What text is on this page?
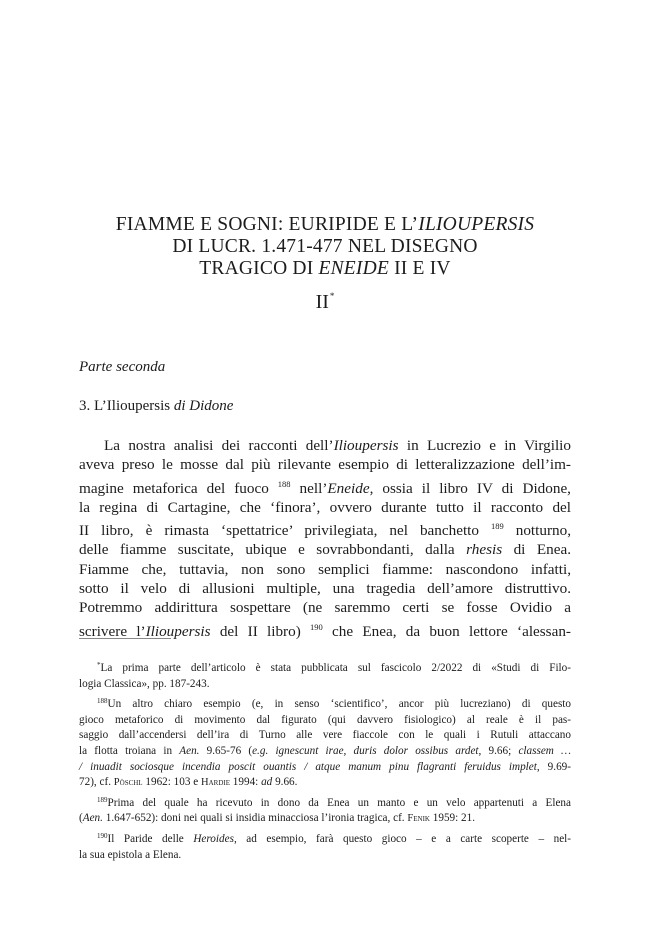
FIAMME E SOGNI: EURIPIDE E L’ILIOUPERSIS
DI LUCR. 1.471-477 NEL DISEGNO
TRAGICO DI ENEIDE II E IV
II*
Parte seconda
3. L’Ilioupersis di Didone
La nostra analisi dei racconti dell’Ilioupersis in Lucrezio e in Virgilio
aveva preso le mosse dal più rilevante esempio di letteralizzazione dell’im-
magine metaforica del fuoco $^{188}$ nell’Eneide, ossia il libro IV di Didone,
la regina di Cartagine, che ‘finora’, ovvero durante tutto il racconto del
II libro, è rimasta ‘spettatrice’ privilegiata, nel banchetto $^{189}$ notturno,
delle fiamme suscitate, ubique e sovrabbondanti, dalla rhesis di Enea.
Fiamme che, tuttavia, non sono semplici fiamme: nascondono infatti,
sotto il velo di allusioni multiple, una tragedia dell’amore distruttivo.
Potremmo addirittura sospettare (ne saremmo certi se fosse Ovidio a
scrivere l’Ilioupersis del II libro) $^{190}$ che Enea, da buon lettore ‘alessan-
*La prima parte dell’articolo è stata pubblicata sul fascicolo 2/2022 di «Studi di Filo-
logia Classica», pp. 187-243.
$^{188}$Un altro chiaro esempio (e, in senso ‘scientifico’, ancor più lucreziano) di questo
gioco metaforico di movimento dal figurato (qui davvero fisiologico) al reale è il pas-
saggio dall’accendersi dell’ira di Turno alle vere fiaccole con le quali i Rutuli attaccano
la flotta troiana in Aen. 9.65-76 (e.g. ignescunt irae, duris dolor ossibus ardet, 9.66; classem …
/ inuadit sociosque incendia poscit ouantis / atque manum pinu flagranti feruidus implet, 9.69-
72), cf. Pöschl 1962: 103 e Hardie 1994: ad 9.66.
$^{189}$Prima del quale ha ricevuto in dono da Enea un manto e un velo appartenuti a Elena
(Aen. 1.647-652): doni nei quali si insidia minacciosa l’ironia tragica, cf. Fenik 1959: 21.
$^{190}$Il Paride delle Heroides, ad esempio, farà questo gioco – e a carte scoperte – nel-
la sua epistola a Elena.
